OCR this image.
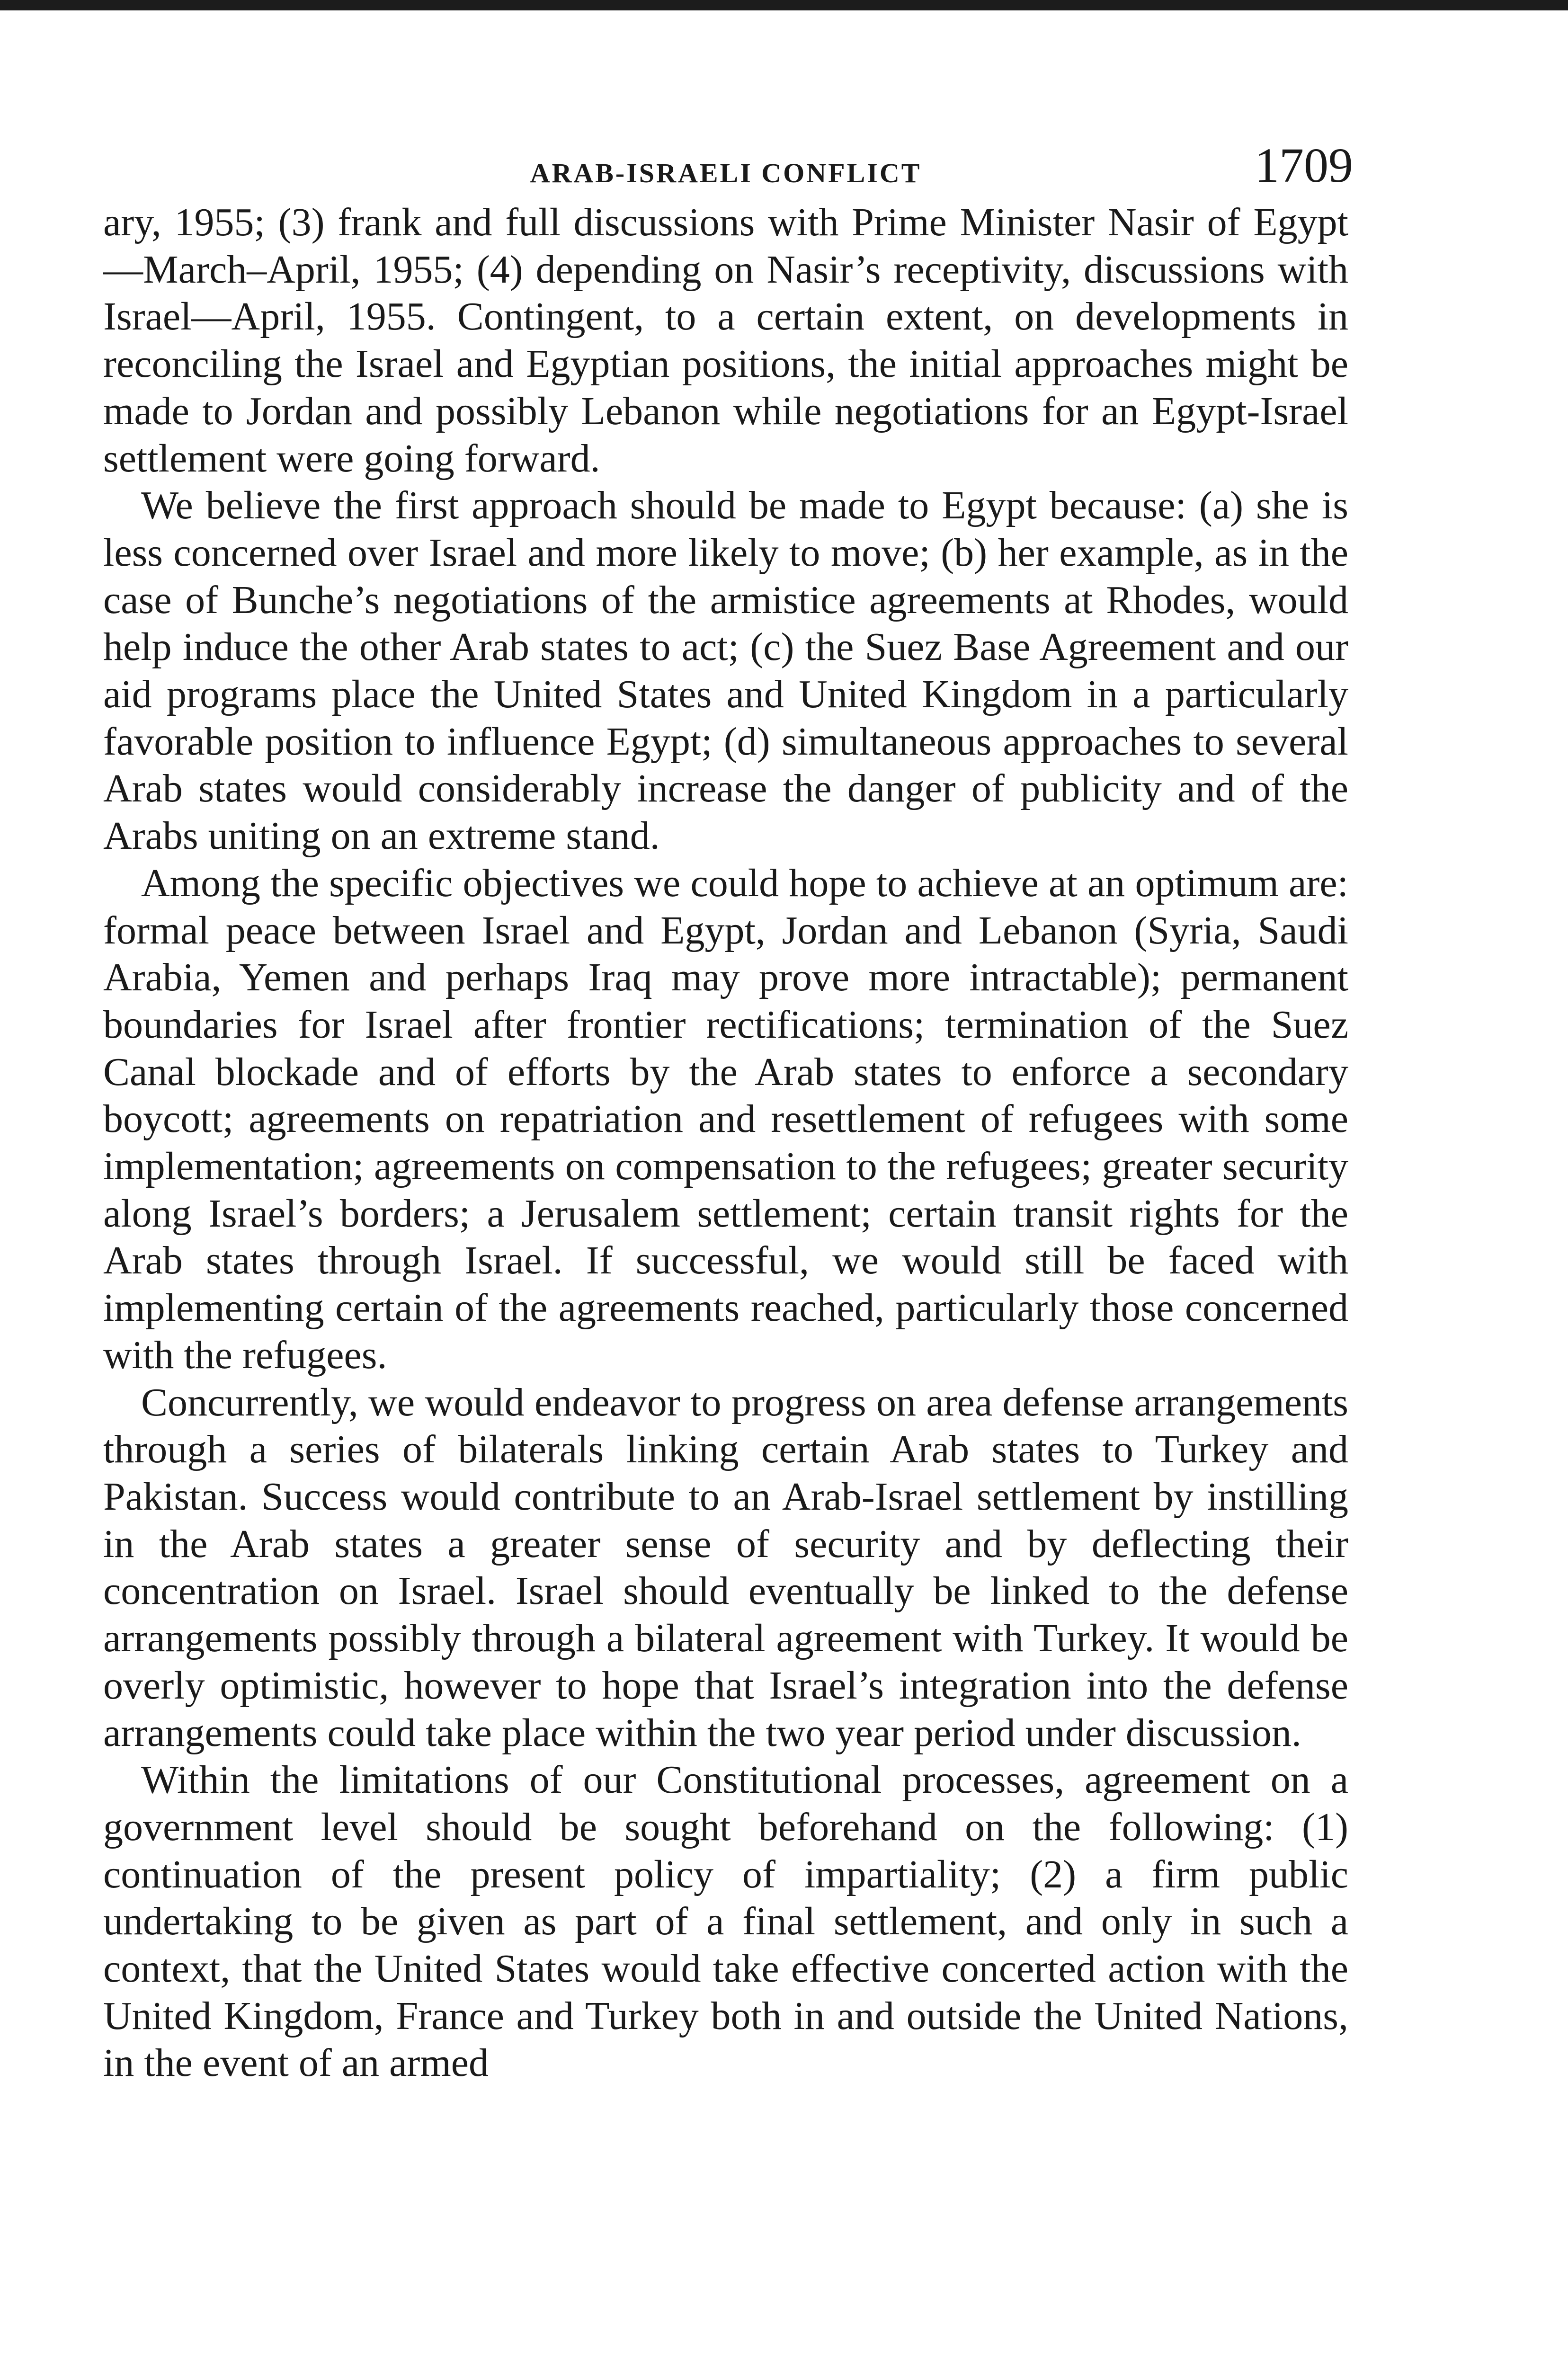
ARAB-ISRAELI CONFLICT	1709

ary, 1955; (3) frank and full discussions with Prime Minister Nasir of Egypt—March–April, 1955; (4) depending on Nasir’s receptivity, discussions with Israel—April, 1955. Contingent, to a certain extent, on developments in reconciling the Israel and Egyptian positions, the initial approaches might be made to Jordan and possibly Lebanon while negotiations for an Egypt-Israel settlement were going forward.

We believe the first approach should be made to Egypt because: (a) she is less concerned over Israel and more likely to move; (b) her example, as in the case of Bunche’s negotiations of the armistice agreements at Rhodes, would help induce the other Arab states to act; (c) the Suez Base Agreement and our aid programs place the United States and United Kingdom in a particularly favorable position to influence Egypt; (d) simultaneous approaches to several Arab states would considerably increase the danger of publicity and of the Arabs uniting on an extreme stand.

Among the specific objectives we could hope to achieve at an optimum are: formal peace between Israel and Egypt, Jordan and Lebanon (Syria, Saudi Arabia, Yemen and perhaps Iraq may prove more intractable); permanent boundaries for Israel after frontier rectifications; termination of the Suez Canal blockade and of efforts by the Arab states to enforce a secondary boycott; agreements on repatriation and resettlement of refugees with some implementation; agreements on compensation to the refugees; greater security along Israel’s borders; a Jerusalem settlement; certain transit rights for the Arab states through Israel. If successful, we would still be faced with implementing certain of the agreements reached, particularly those concerned with the refugees.

Concurrently, we would endeavor to progress on area defense arrangements through a series of bilaterals linking certain Arab states to Turkey and Pakistan. Success would contribute to an Arab-Israel settlement by instilling in the Arab states a greater sense of security and by deflecting their concentration on Israel. Israel should eventually be linked to the defense arrangements possibly through a bilateral agreement with Turkey. It would be overly optimistic, however to hope that Israel’s integration into the defense arrangements could take place within the two year period under discussion.

Within the limitations of our Constitutional processes, agreement on a government level should be sought beforehand on the following: (1) continuation of the present policy of impartiality; (2) a firm public undertaking to be given as part of a final settlement, and only in such a context, that the United States would take effective concerted action with the United Kingdom, France and Turkey both in and outside the United Nations, in the event of an armed
